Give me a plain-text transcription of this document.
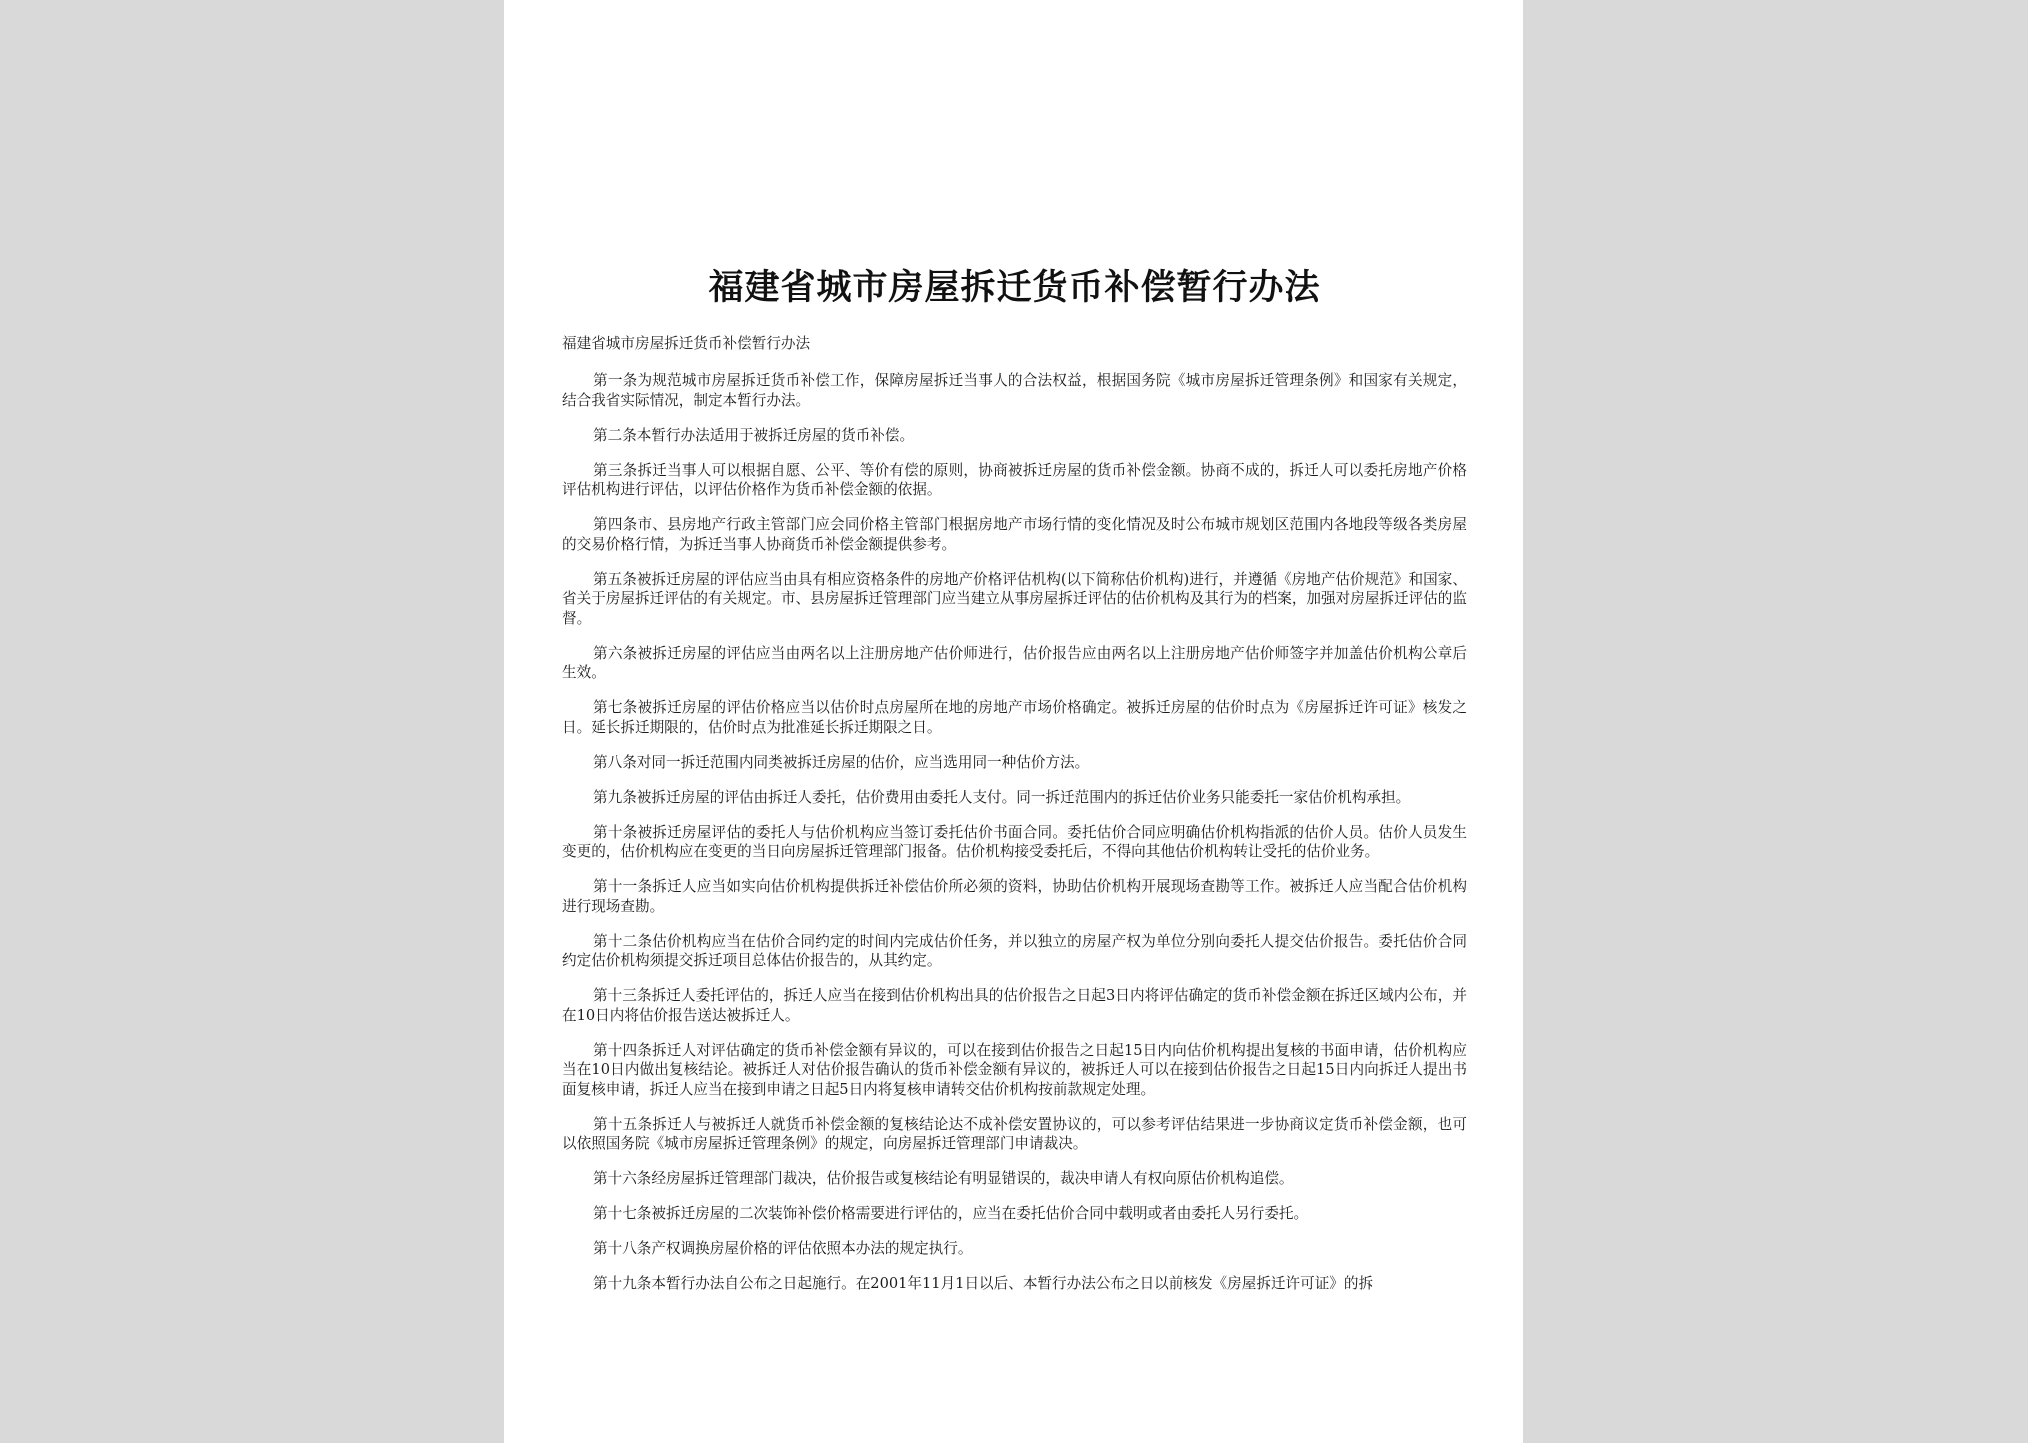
福建省城市房屋拆迁货币补偿暂行办法
福建省城市房屋拆迁货币补偿暂行办法

第一条为规范城市房屋拆迁货币补偿工作，保障房屋拆迁当事人的合法权益，根据国务院《城市房屋拆迁管理条例》和国家有关规定，结合我省实际情况，制定本暂行办法。

第二条本暂行办法适用于被拆迁房屋的货币补偿。

第三条拆迁当事人可以根据自愿、公平、等价有偿的原则，协商被拆迁房屋的货币补偿金额。协商不成的，拆迁人可以委托房地产价格评估机构进行评估，以评估价格作为货币补偿金额的依据。

第四条市、县房地产行政主管部门应会同价格主管部门根据房地产市场行情的变化情况及时公布城市规划区范围内各地段等级各类房屋的交易价格行情，为拆迁当事人协商货币补偿金额提供参考。

第五条被拆迁房屋的评估应当由具有相应资格条件的房地产价格评估机构(以下简称估价机构)进行，并遵循《房地产估价规范》和国家、省关于房屋拆迁评估的有关规定。市、县房屋拆迁管理部门应当建立从事房屋拆迁评估的估价机构及其行为的档案，加强对房屋拆迁评估的监督。

第六条被拆迁房屋的评估应当由两名以上注册房地产估价师进行，估价报告应由两名以上注册房地产估价师签字并加盖估价机构公章后生效。

第七条被拆迁房屋的评估价格应当以估价时点房屋所在地的房地产市场价格确定。被拆迁房屋的估价时点为《房屋拆迁许可证》核发之日。延长拆迁期限的，估价时点为批准延长拆迁期限之日。

第八条对同一拆迁范围内同类被拆迁房屋的估价，应当选用同一种估价方法。

第九条被拆迁房屋的评估由拆迁人委托，估价费用由委托人支付。同一拆迁范围内的拆迁估价业务只能委托一家估价机构承担。

第十条被拆迁房屋评估的委托人与估价机构应当签订委托估价书面合同。委托估价合同应明确估价机构指派的估价人员。估价人员发生变更的，估价机构应在变更的当日向房屋拆迁管理部门报备。估价机构接受委托后，不得向其他估价机构转让受托的估价业务。

第十一条拆迁人应当如实向估价机构提供拆迁补偿估价所必须的资料，协助估价机构开展现场查勘等工作。被拆迁人应当配合估价机构进行现场查勘。

第十二条估价机构应当在估价合同约定的时间内完成估价任务，并以独立的房屋产权为单位分别向委托人提交估价报告。委托估价合同约定估价机构须提交拆迁项目总体估价报告的，从其约定。

第十三条拆迁人委托评估的，拆迁人应当在接到估价机构出具的估价报告之日起3日内将评估确定的货币补偿金额在拆迁区域内公布，并在10日内将估价报告送达被拆迁人。

第十四条拆迁人对评估确定的货币补偿金额有异议的，可以在接到估价报告之日起15日内向估价机构提出复核的书面申请，估价机构应当在10日内做出复核结论。被拆迁人对估价报告确认的货币补偿金额有异议的，被拆迁人可以在接到估价报告之日起15日内向拆迁人提出书面复核申请，拆迁人应当在接到申请之日起5日内将复核申请转交估价机构按前款规定处理。

第十五条拆迁人与被拆迁人就货币补偿金额的复核结论达不成补偿安置协议的，可以参考评估结果进一步协商议定货币补偿金额，也可以依照国务院《城市房屋拆迁管理条例》的规定，向房屋拆迁管理部门申请裁决。

第十六条经房屋拆迁管理部门裁决，估价报告或复核结论有明显错误的，裁决申请人有权向原估价机构追偿。

第十七条被拆迁房屋的二次装饰补偿价格需要进行评估的，应当在委托估价合同中载明或者由委托人另行委托。

第十八条产权调换房屋价格的评估依照本办法的规定执行。

第十九条本暂行办法自公布之日起施行。在2001年11月1日以后、本暂行办法公布之日以前核发《房屋拆迁许可证》的拆
